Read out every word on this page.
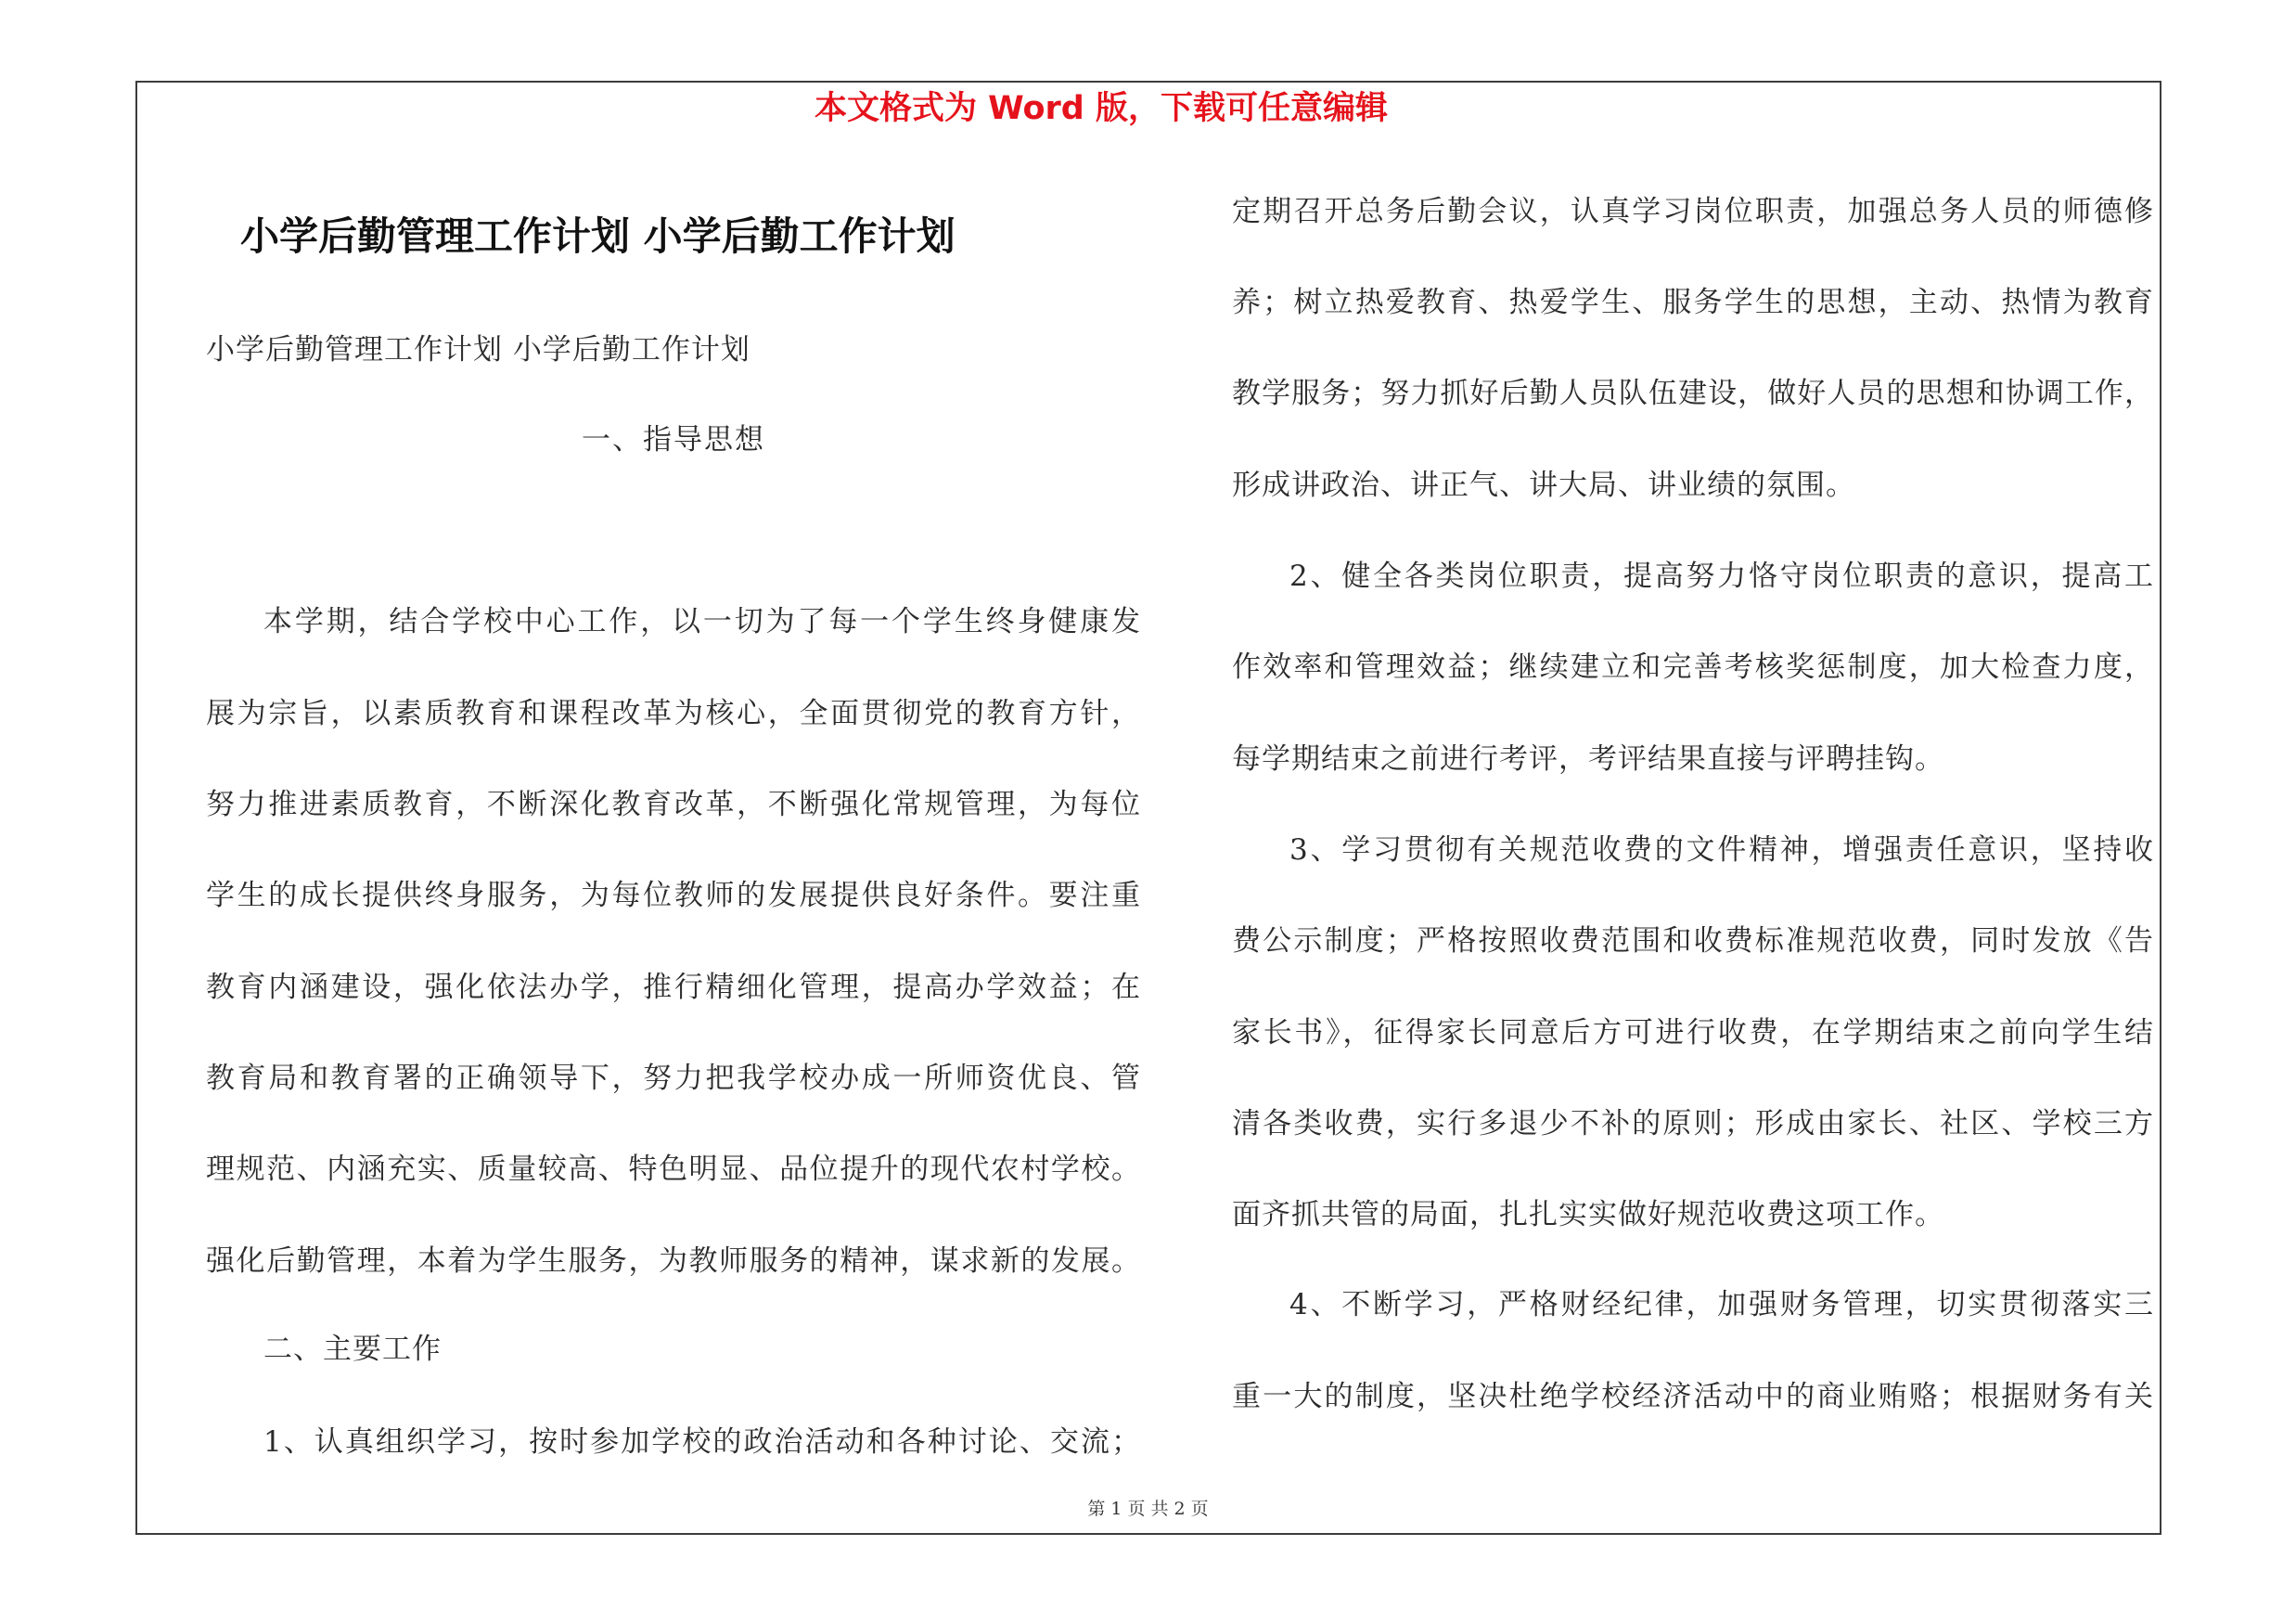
本文格式为 Word 版，下载可任意编辑
小学后勤管理工作计划 小学后勤工作计划
小学后勤管理工作计划 小学后勤工作计划
一、指导思想
本学期，结合学校中心工作，以一切为了每一个学生终身健康发
展为宗旨，以素质教育和课程改革为核心，全面贯彻党的教育方针，
努力推进素质教育，不断深化教育改革，不断强化常规管理，为每位
学生的成长提供终身服务，为每位教师的发展提供良好条件。要注重
教育内涵建设，强化依法办学，推行精细化管理，提高办学效益；在
教育局和教育署的正确领导下，努力把我学校办成一所师资优良、管
理规范、内涵充实、质量较高、特色明显、品位提升的现代农村学校。
强化后勤管理，本着为学生服务，为教师服务的精神，谋求新的发展。
二、主要工作
1、认真组织学习，按时参加学校的政治活动和各种讨论、交流；
定期召开总务后勤会议，认真学习岗位职责，加强总务人员的师德修
养；树立热爱教育、热爱学生、服务学生的思想，主动、热情为教育
教学服务；努力抓好后勤人员队伍建设，做好人员的思想和协调工作，
形成讲政治、讲正气、讲大局、讲业绩的氛围。
2、健全各类岗位职责，提高努力恪守岗位职责的意识，提高工
作效率和管理效益；继续建立和完善考核奖惩制度，加大检查力度，
每学期结束之前进行考评，考评结果直接与评聘挂钩。
3、学习贯彻有关规范收费的文件精神，增强责任意识，坚持收
费公示制度；严格按照收费范围和收费标准规范收费，同时发放《告
家长书》，征得家长同意后方可进行收费，在学期结束之前向学生结
清各类收费，实行多退少不补的原则；形成由家长、社区、学校三方
面齐抓共管的局面，扎扎实实做好规范收费这项工作。
4、不断学习，严格财经纪律，加强财务管理，切实贯彻落实三
重一大的制度，坚决杜绝学校经济活动中的商业贿赂；根据财务有关
第 1 页 共 2 页
